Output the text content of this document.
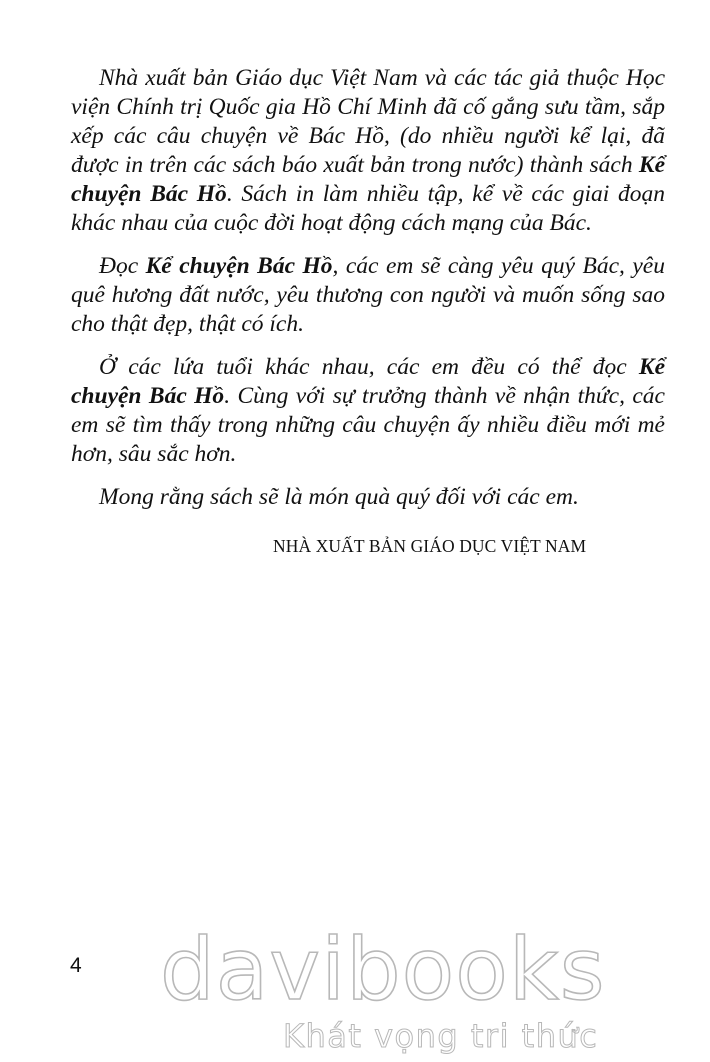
Nhà xuất bản Giáo dục Việt Nam và các tác giả thuộc Học viện Chính trị Quốc gia Hồ Chí Minh đã cố gắng sưu tầm, sắp xếp các câu chuyện về Bác Hồ, (do nhiều người kể lại, đã được in trên các sách báo xuất bản trong nước) thành sách Kể chuyện Bác Hồ. Sách in làm nhiều tập, kể về các giai đoạn khác nhau của cuộc đời hoạt động cách mạng của Bác.

Đọc Kể chuyện Bác Hồ, các em sẽ càng yêu quý Bác, yêu quê hương đất nước, yêu thương con người và muốn sống sao cho thật đẹp, thật có ích.

Ở các lứa tuổi khác nhau, các em đều có thể đọc Kể chuyện Bác Hồ. Cùng với sự trưởng thành về nhận thức, các em sẽ tìm thấy trong những câu chuyện ấy nhiều điều mới mẻ hơn, sâu sắc hơn.

Mong rằng sách sẽ là món quà quý đối với các em.

NHÀ XUẤT BẢN GIÁO DỤC VIỆT NAM
4 davibooks
Khát vọng tri thức
